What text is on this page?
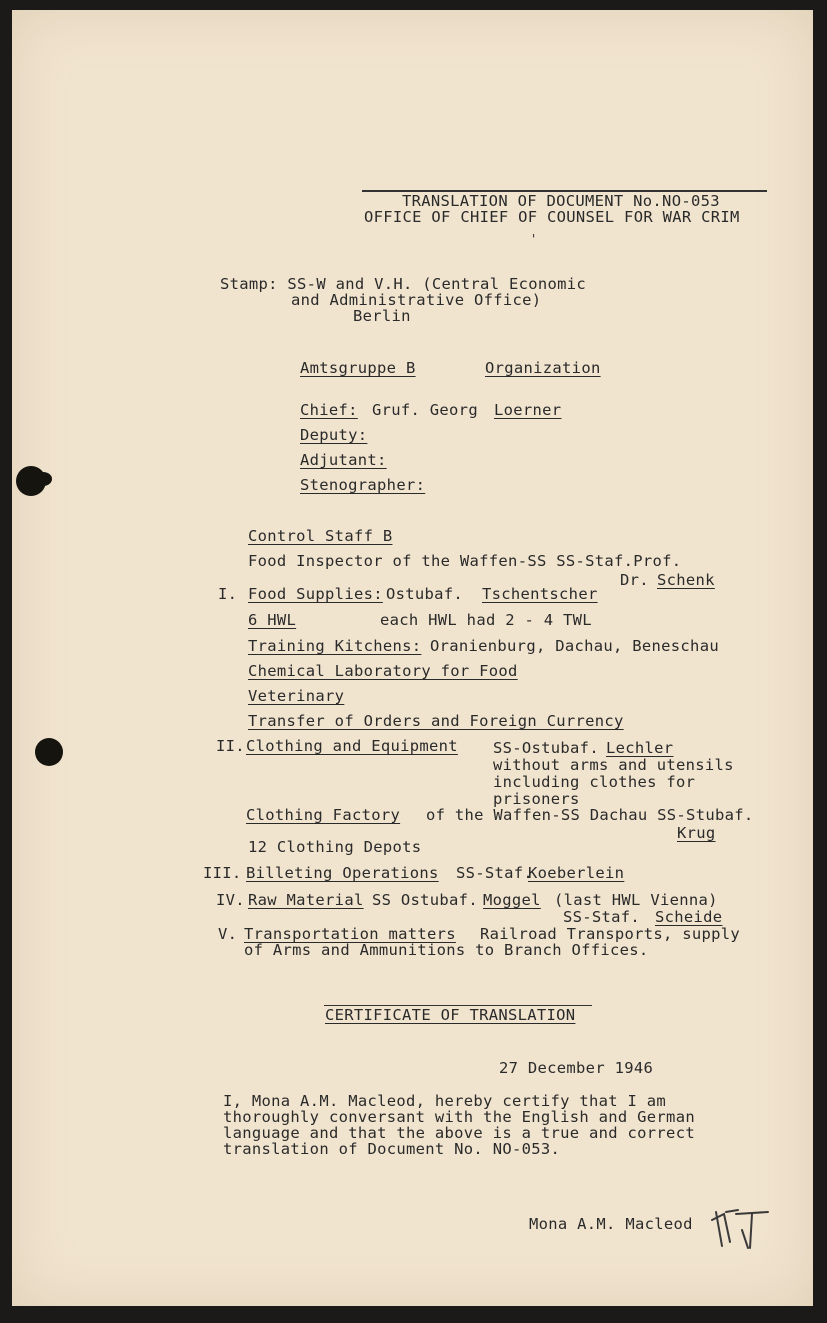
TRANSLATION OF DOCUMENT No.NO-053
OFFICE OF CHIEF OF COUNSEL FOR WAR CRIM
'
Stamp: SS-W and V.H. (Central Economic
and Administrative Office)
Berlin
Amtsgruppe B	Organization
Chief: Gruf. Georg Loerner
Deputy:
Adjutant:
Stenographer:
Control Staff B
Food Inspector of the Waffen-SS SS-Staf.Prof.
Dr. Schenk
I. Food Supplies: Ostubaf. Tschentscher
6 HWL	each HWL had 2 - 4 TWL
Training Kitchens: Oranienburg, Dachau, Beneschau
Chemical Laboratory for Food
Veterinary
Transfer of Orders and Foreign Currency
II. Clothing and Equipment SS-Ostubaf. Lechler
without arms and utensils
including clothes for
prisoners
Clothing Factory of the Waffen-SS Dachau SS-Stubaf.
Krug
12 Clothing Depots
III. Billeting Operations SS-Staf.
Koeberlein
IV. Raw Material SS Ostubaf. Moggel (last HWL Vienna)
SS-Staf. Scheide
V. Transportation matters Railroad Transports, supply
of Arms and Ammunitions to Branch Offices.
CERTIFICATE OF TRANSLATION
27 December 1946
I, Mona A.M. Macleod, hereby certify that I am
thoroughly conversant with the English and German
language and that the above is a true and correct
translation of Document No. NO-053.
Mona A.M. Macleod
